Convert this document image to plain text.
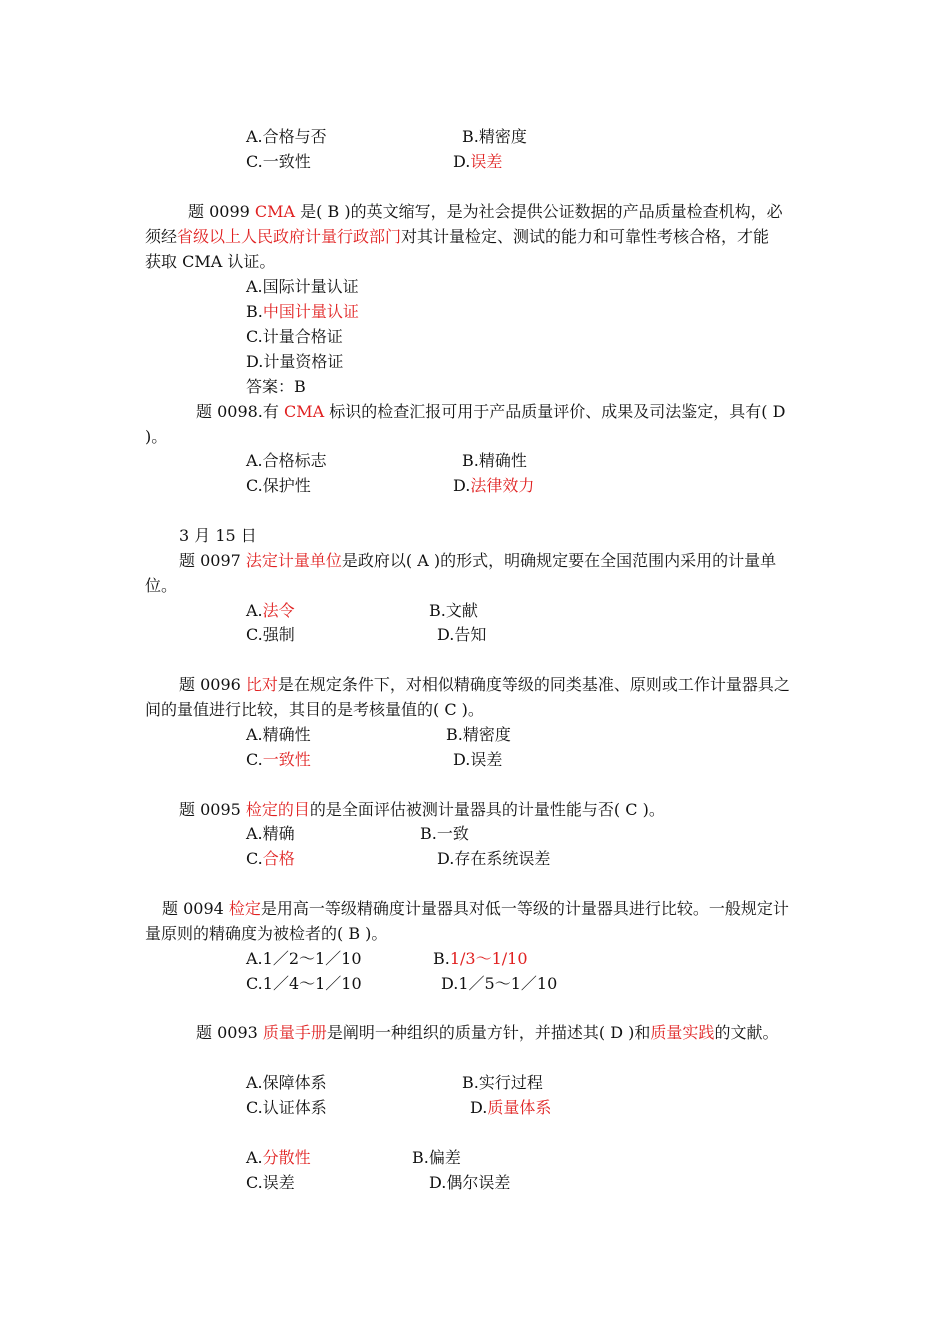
A.合格与否	B.精密度
C.一致性	D.误差
题 0099 CMA 是( B )的英文缩写，是为社会提供公证数据的产品质量检查机构，必
须经省级以上人民政府计量行政部门对其计量检定、测试的能力和可靠性考核合格，才能
获取 CMA 认证。
A.国际计量认证
B.中国计量认证
C.计量合格证
D.计量资格证
答案：B
题 0098.有 CMA 标识的检查汇报可用于产品质量评价、成果及司法鉴定，具有( D
)。
A.合格标志	B.精确性
C.保护性	D.法律效力
3 月 15 日
题 0097 法定计量单位是政府以( A )的形式，明确规定要在全国范围内采用的计量单
位。
A.法令	B.文献
C.强制	D.告知
题 0096 比对是在规定条件下，对相似精确度等级的同类基准、原则或工作计量器具之
间的量值进行比较，其目的是考核量值的( C )。
A.精确性	B.精密度
C.一致性	D.误差
题 0095 检定的目的是全面评估被测计量器具的计量性能与否( C )。
A.精确	B.一致
C.合格	D.存在系统误差
题 0094 检定是用高一等级精确度计量器具对低一等级的计量器具进行比较。一般规定计
量原则的精确度为被检者的( B )。
A.1／2～1／10	B.1/3～1/10
C.1／4～1／10	D.1／5～1／10
题 0093 质量手册是阐明一种组织的质量方针，并描述其( D )和质量实践的文献。
A.保障体系	B.实行过程
C.认证体系	D.质量体系
A.分散性	B.偏差
C.误差	D.偶尔误差
